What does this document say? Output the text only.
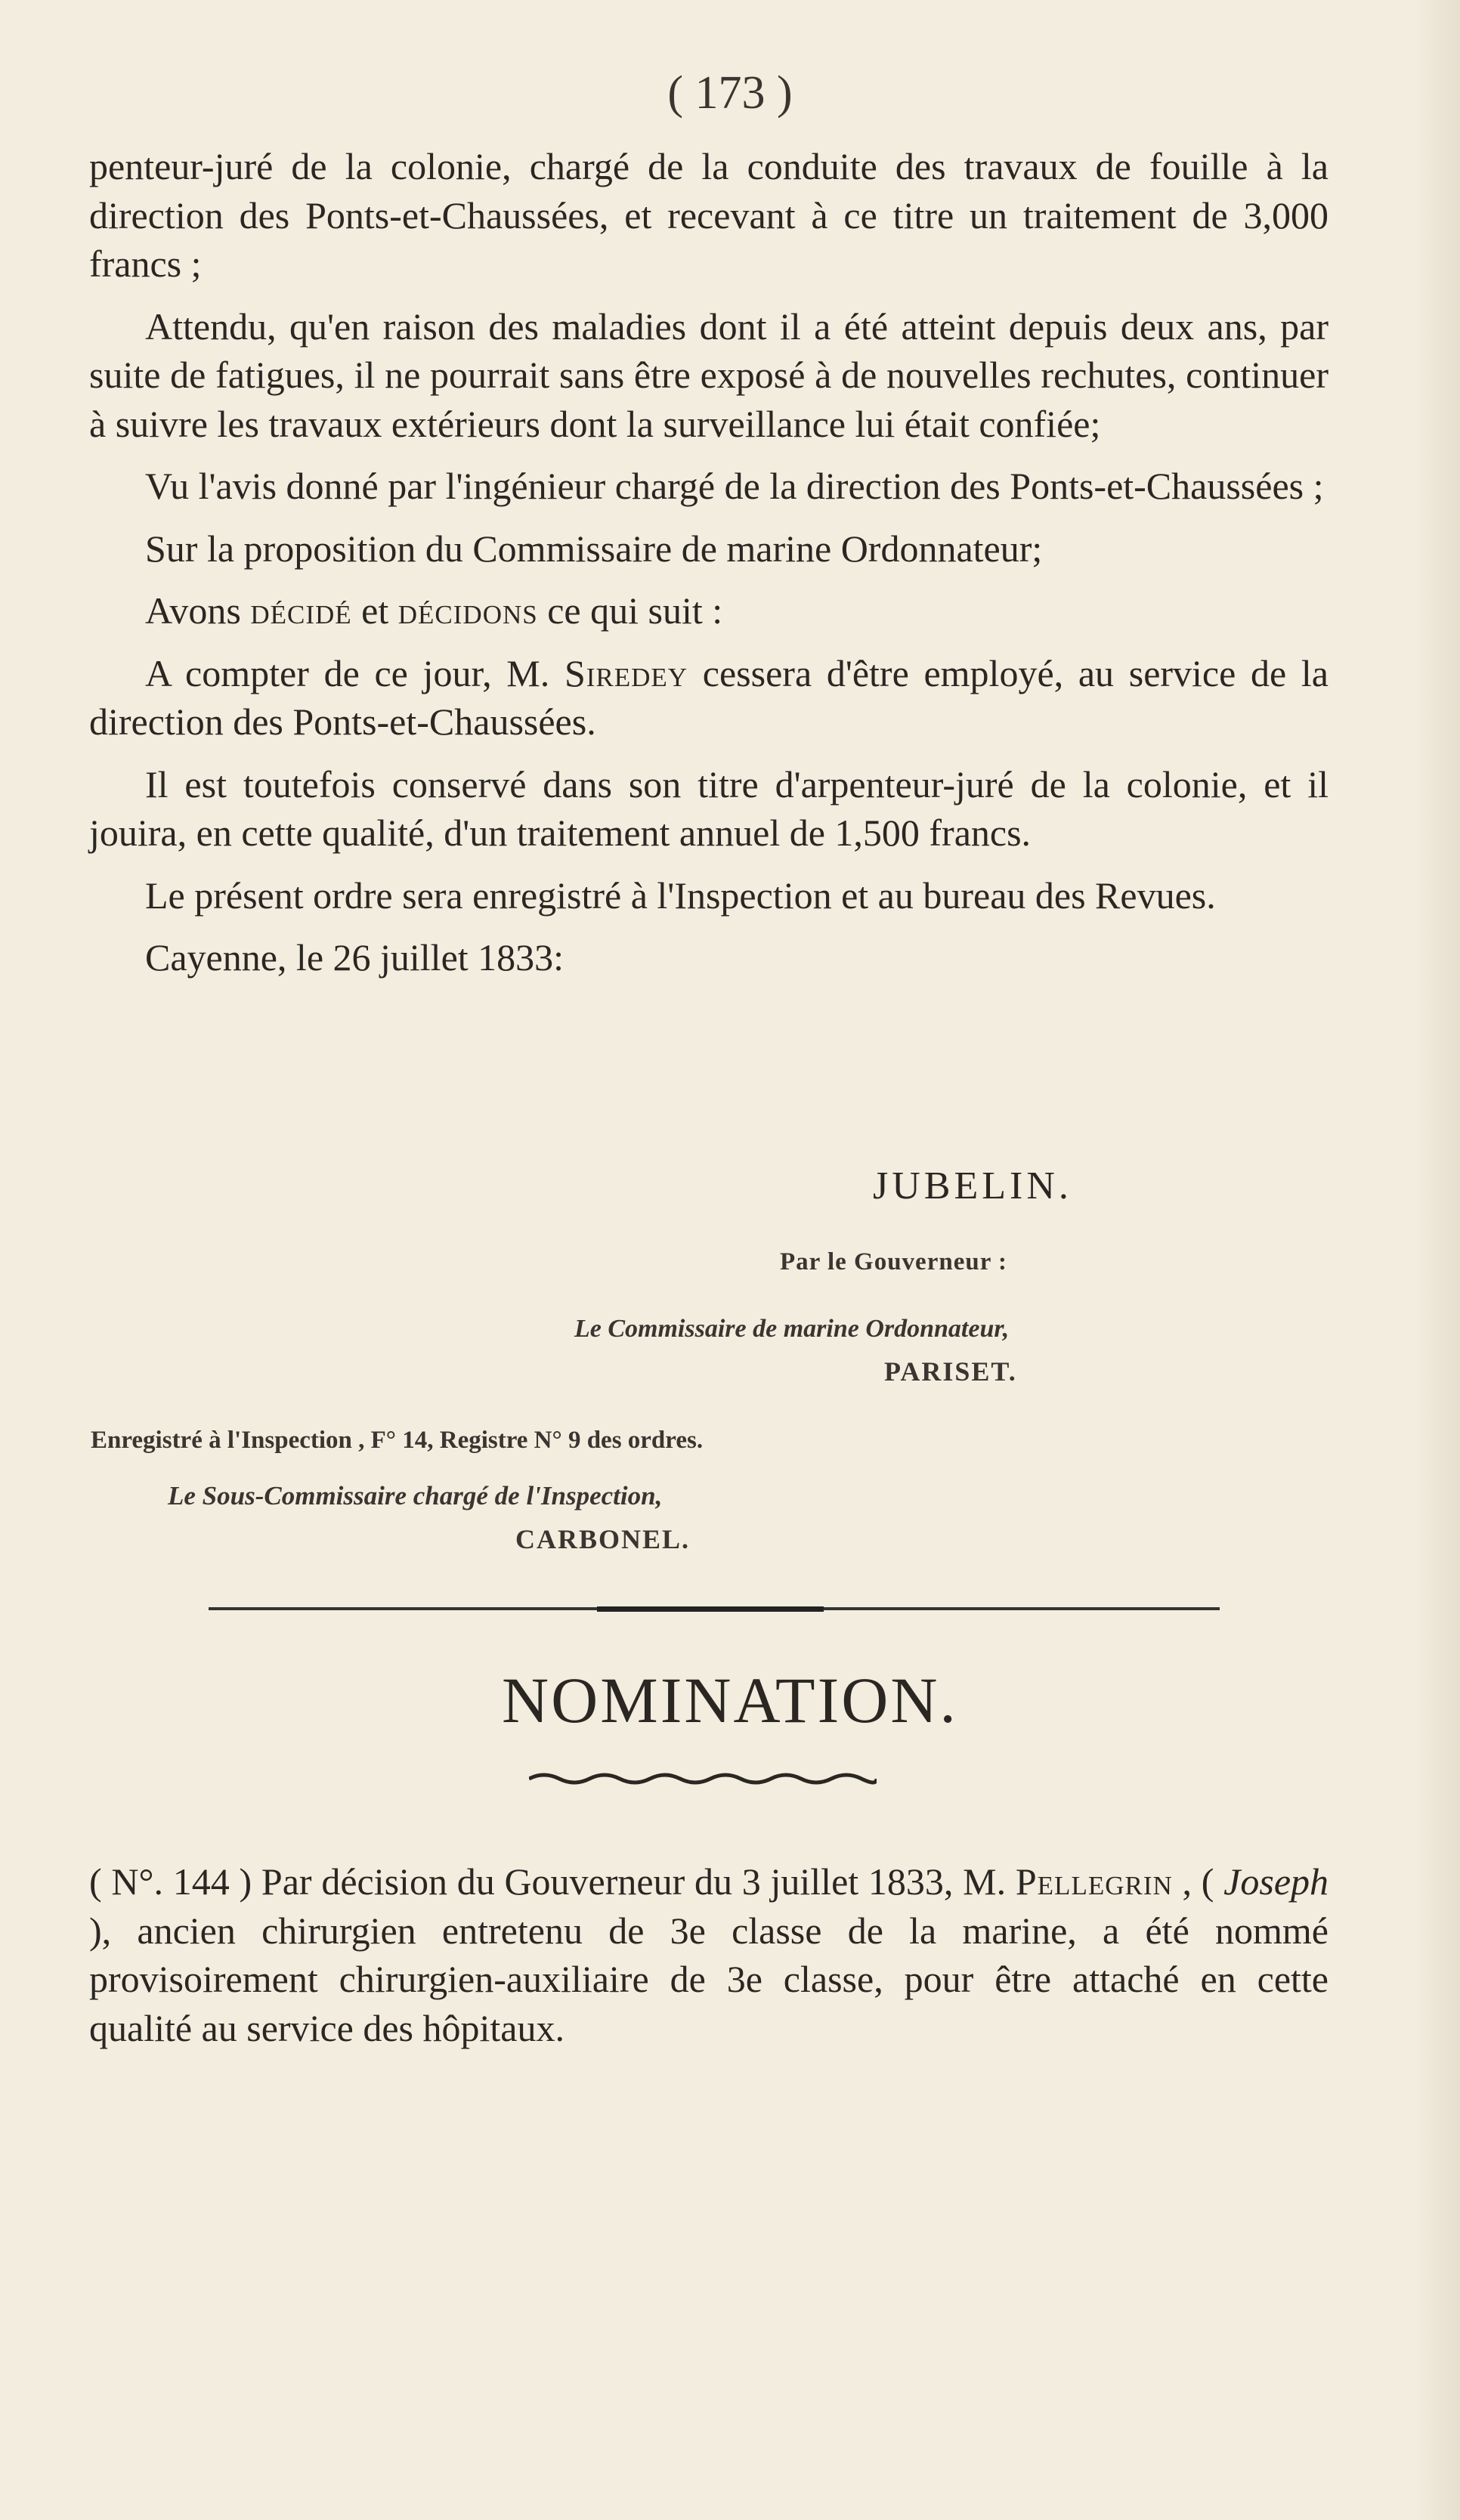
( 173 )

penteur-juré de la colonie, chargé de la conduite des travaux de fouille à la direction des Ponts-et-Chaussées, et recevant à ce titre un traitement de 3,000 francs ;

Attendu, qu'en raison des maladies dont il a été atteint depuis deux ans, par suite de fatigues, il ne pourrait sans être exposé à de nouvelles rechutes, continuer à suivre les travaux extérieurs dont la surveillance lui était confiée;

Vu l'avis donné par l'ingénieur chargé de la direction des Ponts-et-Chaussées ;

Sur la proposition du Commissaire de marine Ordonnateur;

Avons décidé et décidons ce qui suit :

A compter de ce jour, M. Siredey cessera d'être employé, au service de la direction des Ponts-et-Chaussées.

Il est toutefois conservé dans son titre d'arpenteur-juré de la colonie, et il jouira, en cette qualité, d'un traitement annuel de 1,500 francs.

Le présent ordre sera enregistré à l'Inspection et au bureau des Revues.

Cayenne, le 26 juillet 1833:

JUBELIN.
Par le Gouverneur :
Le Commissaire de marine Ordonnateur,
PARISET.
Enregistré à l'Inspection , F° 14, Registre N° 9 des ordres.
Le Sous-Commissaire chargé de l'Inspection,
CARBONEL.
NOMINATION.

( N°. 144 ) Par décision du Gouverneur du 3 juillet 1833, M. Pellegrin , ( Joseph ), ancien chirurgien entretenu de 3e classe de la marine, a été nommé provisoirement chirurgien-auxiliaire de 3e classe, pour être attaché en cette qualité au service des hôpitaux.
